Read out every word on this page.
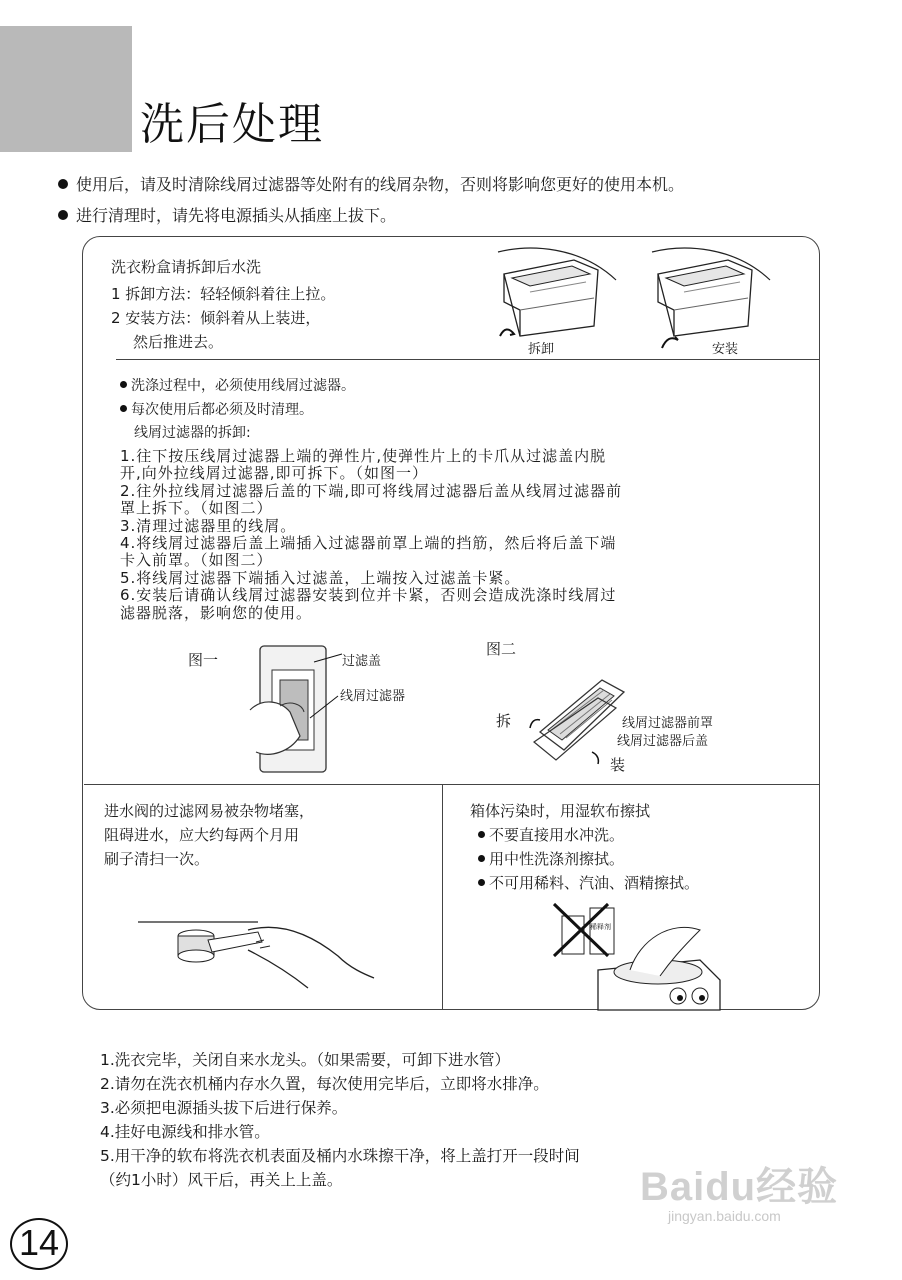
洗后处理
使用后，请及时清除线屑过滤器等处附有的线屑杂物，否则将影响您更好的使用本机。
进行清理时，请先将电源插头从插座上拔下。
洗衣粉盒请拆卸后水洗
1 拆卸方法：轻轻倾斜着往上拉。
2 安装方法：倾斜着从上装进，
然后推进去。	拆卸	安装
洗涤过程中，必须使用线屑过滤器。
每次使用后都必须及时清理。
线屑过滤器的拆卸:
1.往下按压线屑过滤器上端的弹性片,使弹性片上的卡爪从过滤盖内脱
开,向外拉线屑过滤器,即可拆下。（如图一）
2.往外拉线屑过滤器后盖的下端,即可将线屑过滤器后盖从线屑过滤器前
罩上拆下。（如图二）
3.清理过滤器里的线屑。
4.将线屑过滤器后盖上端插入过滤器前罩上端的挡筋，然后将后盖下端
卡入前罩。（如图二）
5.将线屑过滤器下端插入过滤盖，上端按入过滤盖卡紧。
6.安装后请确认线屑过滤器安装到位并卡紧，否则会造成洗涤时线屑过
滤器脱落，影响您的使用。
图一	过滤盖
线屑过滤器
图二
拆
装
线屑过滤器前罩
线屑过滤器后盖
进水阀的过滤网易被杂物堵塞，
阻碍进水，应大约每两个月用
刷子清扫一次。
箱体污染时，用湿软布擦拭
不要直接用水冲洗。
用中性洗涤剂擦拭。
不可用稀料、汽油、酒精擦拭。
稀释剂
1.洗衣完毕，关闭自来水龙头。（如果需要，可卸下进水管）
2.请勿在洗衣机桶内存水久置，每次使用完毕后，立即将水排净。
3.必须把电源插头拔下后进行保养。
4.挂好电源线和排水管。
5.用干净的软布将洗衣机表面及桶内水珠擦干净，将上盖打开一段时间
（约1小时）风干后，再关上上盖。
14
Baidu经验
jingyan.baidu.com
